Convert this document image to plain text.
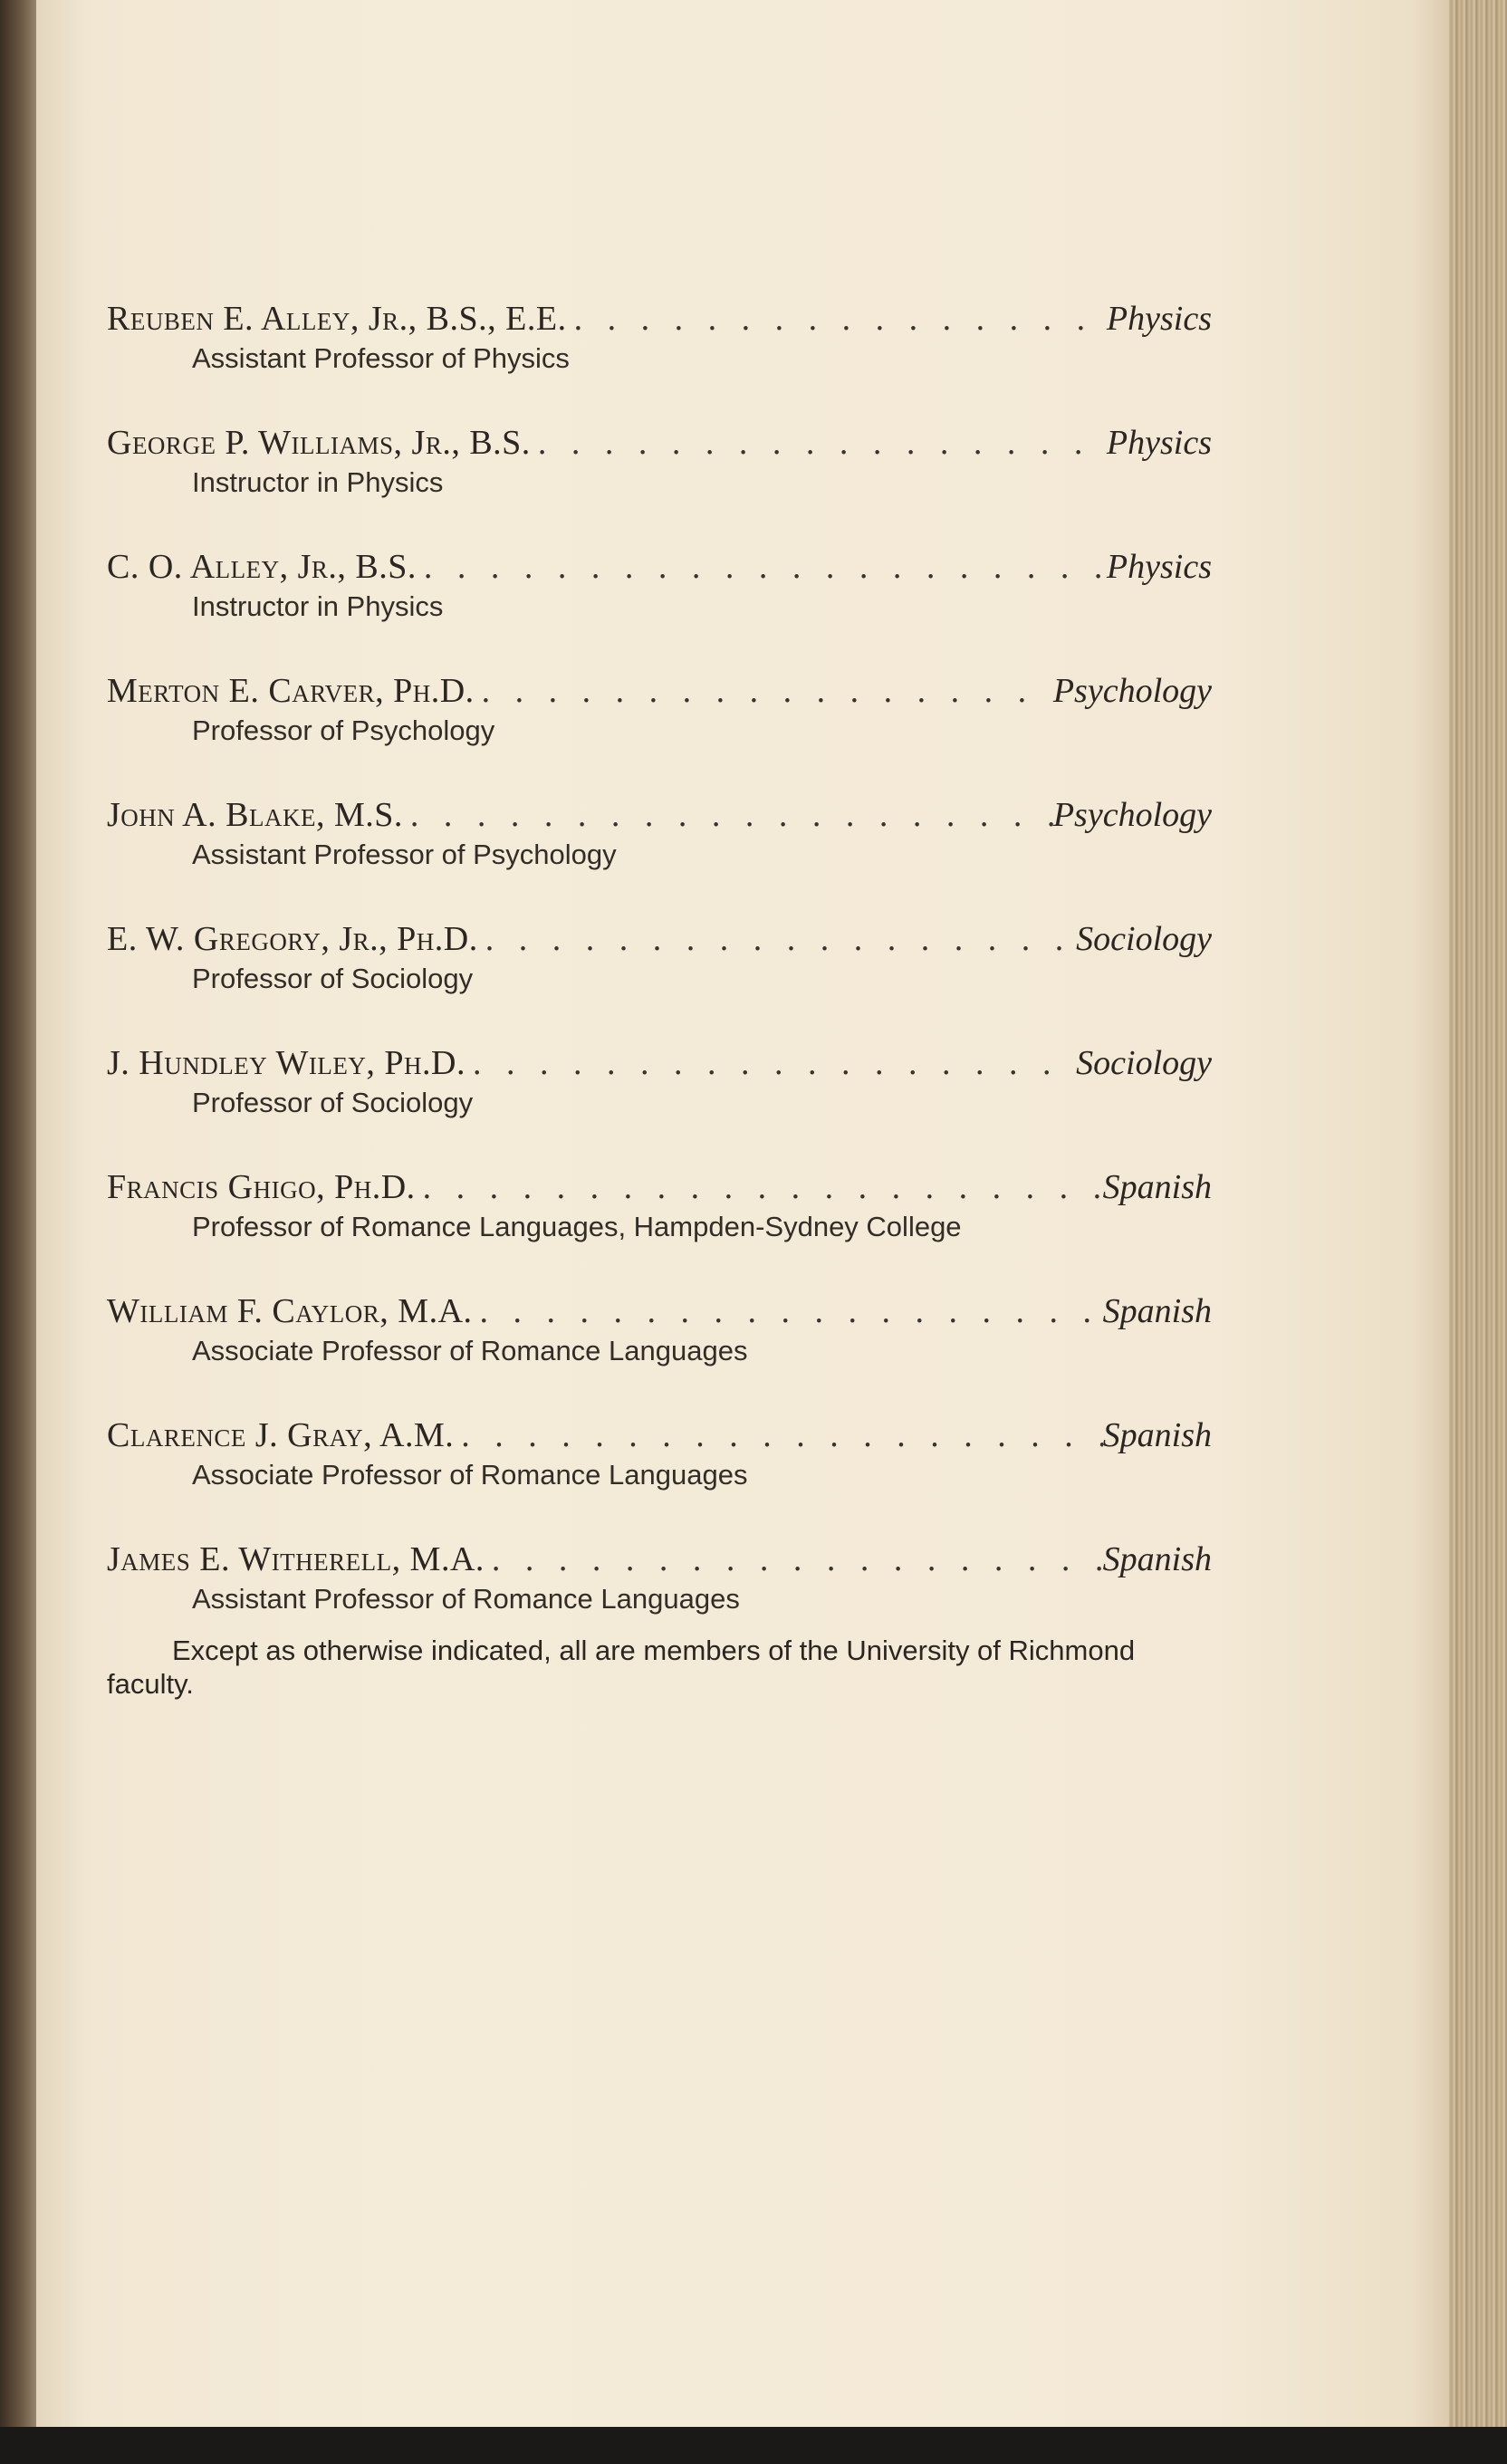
Reuben E. Alley, Jr., B.S., E.E. . . .	Physics
Assistant Professor of Physics
George P. Williams, Jr., B.S. . . .	Physics
Instructor in Physics
C. O. Alley, Jr., B.S. . . .	Physics
Instructor in Physics
Merton E. Carver, Ph.D. . . .	Psychology
Professor of Psychology
John A. Blake, M.S. . . .	Psychology
Assistant Professor of Psychology
E. W. Gregory, Jr., Ph.D. . . .	Sociology
Professor of Sociology
J. Hundley Wiley, Ph.D. . . .	Sociology
Professor of Sociology
Francis Ghigo, Ph.D. . . .	Spanish
Professor of Romance Languages, Hampden-Sydney College
William F. Caylor, M.A. . . .	Spanish
Associate Professor of Romance Languages
Clarence J. Gray, A.M. . . .	Spanish
Associate Professor of Romance Languages
James E. Witherell, M.A. . . .	Spanish
Assistant Professor of Romance Languages
Except as otherwise indicated, all are members of the University of Richmond faculty.
